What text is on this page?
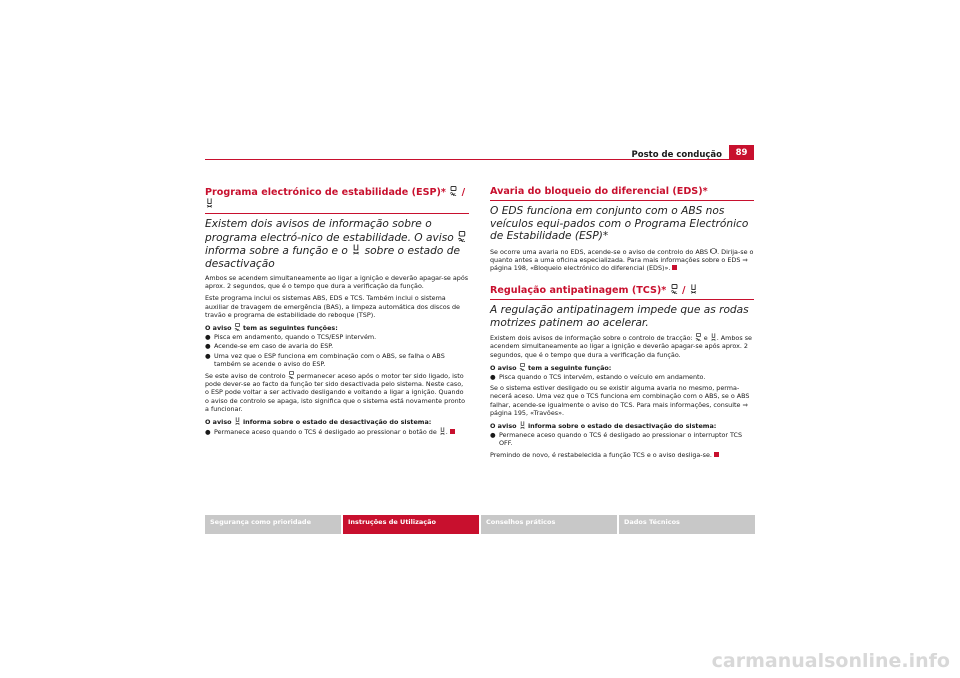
Posto de condução	89
Programa electrónico de estabilidade (ESP)*  /
Existem dois avisos de informação sobre o programa electró-nico de estabilidade. O aviso  informa sobre a função e o  sobre o estado de desactivação

Ambos se acendem simultaneamente ao ligar a ignição e deverão apagar-se após aprox. 2 segundos, que é o tempo que dura a verificação da função.

Este programa inclui os sistemas ABS, EDS e TCS. Também inclui o sistema auxiliar de travagem de emergência (BAS), a limpeza automática dos discos de travão e programa de estabilidade do reboque (TSP).

O aviso  tem as seguintes funções:

● Pisca em andamento, quando o TCS/ESP intervém.

● Acende-se em caso de avaria do ESP.

● Uma vez que o ESP funciona em combinação com o ABS, se falha o ABS também se acende o aviso do ESP.

Se este aviso de controlo  permanecer aceso após o motor ter sido ligado, isto pode dever-se ao facto da função ter sido desactivada pelo sistema. Neste caso, o ESP pode voltar a ser activado desligando e voltando a ligar a ignição. Quando o aviso de controlo se apaga, isto significa que o sistema está novamente pronto a funcionar.

O aviso  informa sobre o estado de desactivação do sistema:

● Permanece aceso quando o TCS é desligado ao pressionar o botão de .

Avaria do bloqueio do diferencial (EDS)*
O EDS funciona em conjunto com o ABS nos veículos equi-pados com o Programa Electrónico de Estabilidade (ESP)*

Se ocorre uma avaria no EDS, acende-se o aviso de controlo do ABS . Dirija-se o quanto antes a uma oficina especializada. Para mais informações sobre o EDS ⇒ página 198, «Bloqueio electrónico do diferencial (EDS)».

Regulação antipatinagem (TCS)*  /
A regulação antipatinagem impede que as rodas motrizes patinem ao acelerar.

Existem dois avisos de informação sobre o controlo de tracção:  e . Ambos se acendem simultaneamente ao ligar a ignição e deverão apagar-se após aprox. 2 segundos, que é o tempo que dura a verificação da função.

O aviso  tem a seguinte função:

● Pisca quando o TCS intervém, estando o veículo em andamento.

Se o sistema estiver desligado ou se existir alguma avaria no mesmo, perma-necerá aceso. Uma vez que o TCS funciona em combinação com o ABS, se o ABS falhar, acende-se igualmente o aviso do TCS. Para mais informações, consulte ⇒ página 195, «Travões».

O aviso  informa sobre o estado de desactivação do sistema:

● Permanece aceso quando o TCS é desligado ao pressionar o interruptor TCS OFF.

Premindo de novo, é restabelecida a função TCS e o aviso desliga-se.

Segurança como prioridade	Instruções de Utilização	Conselhos práticos	Dados Técnicos
carmanualsonline.info
